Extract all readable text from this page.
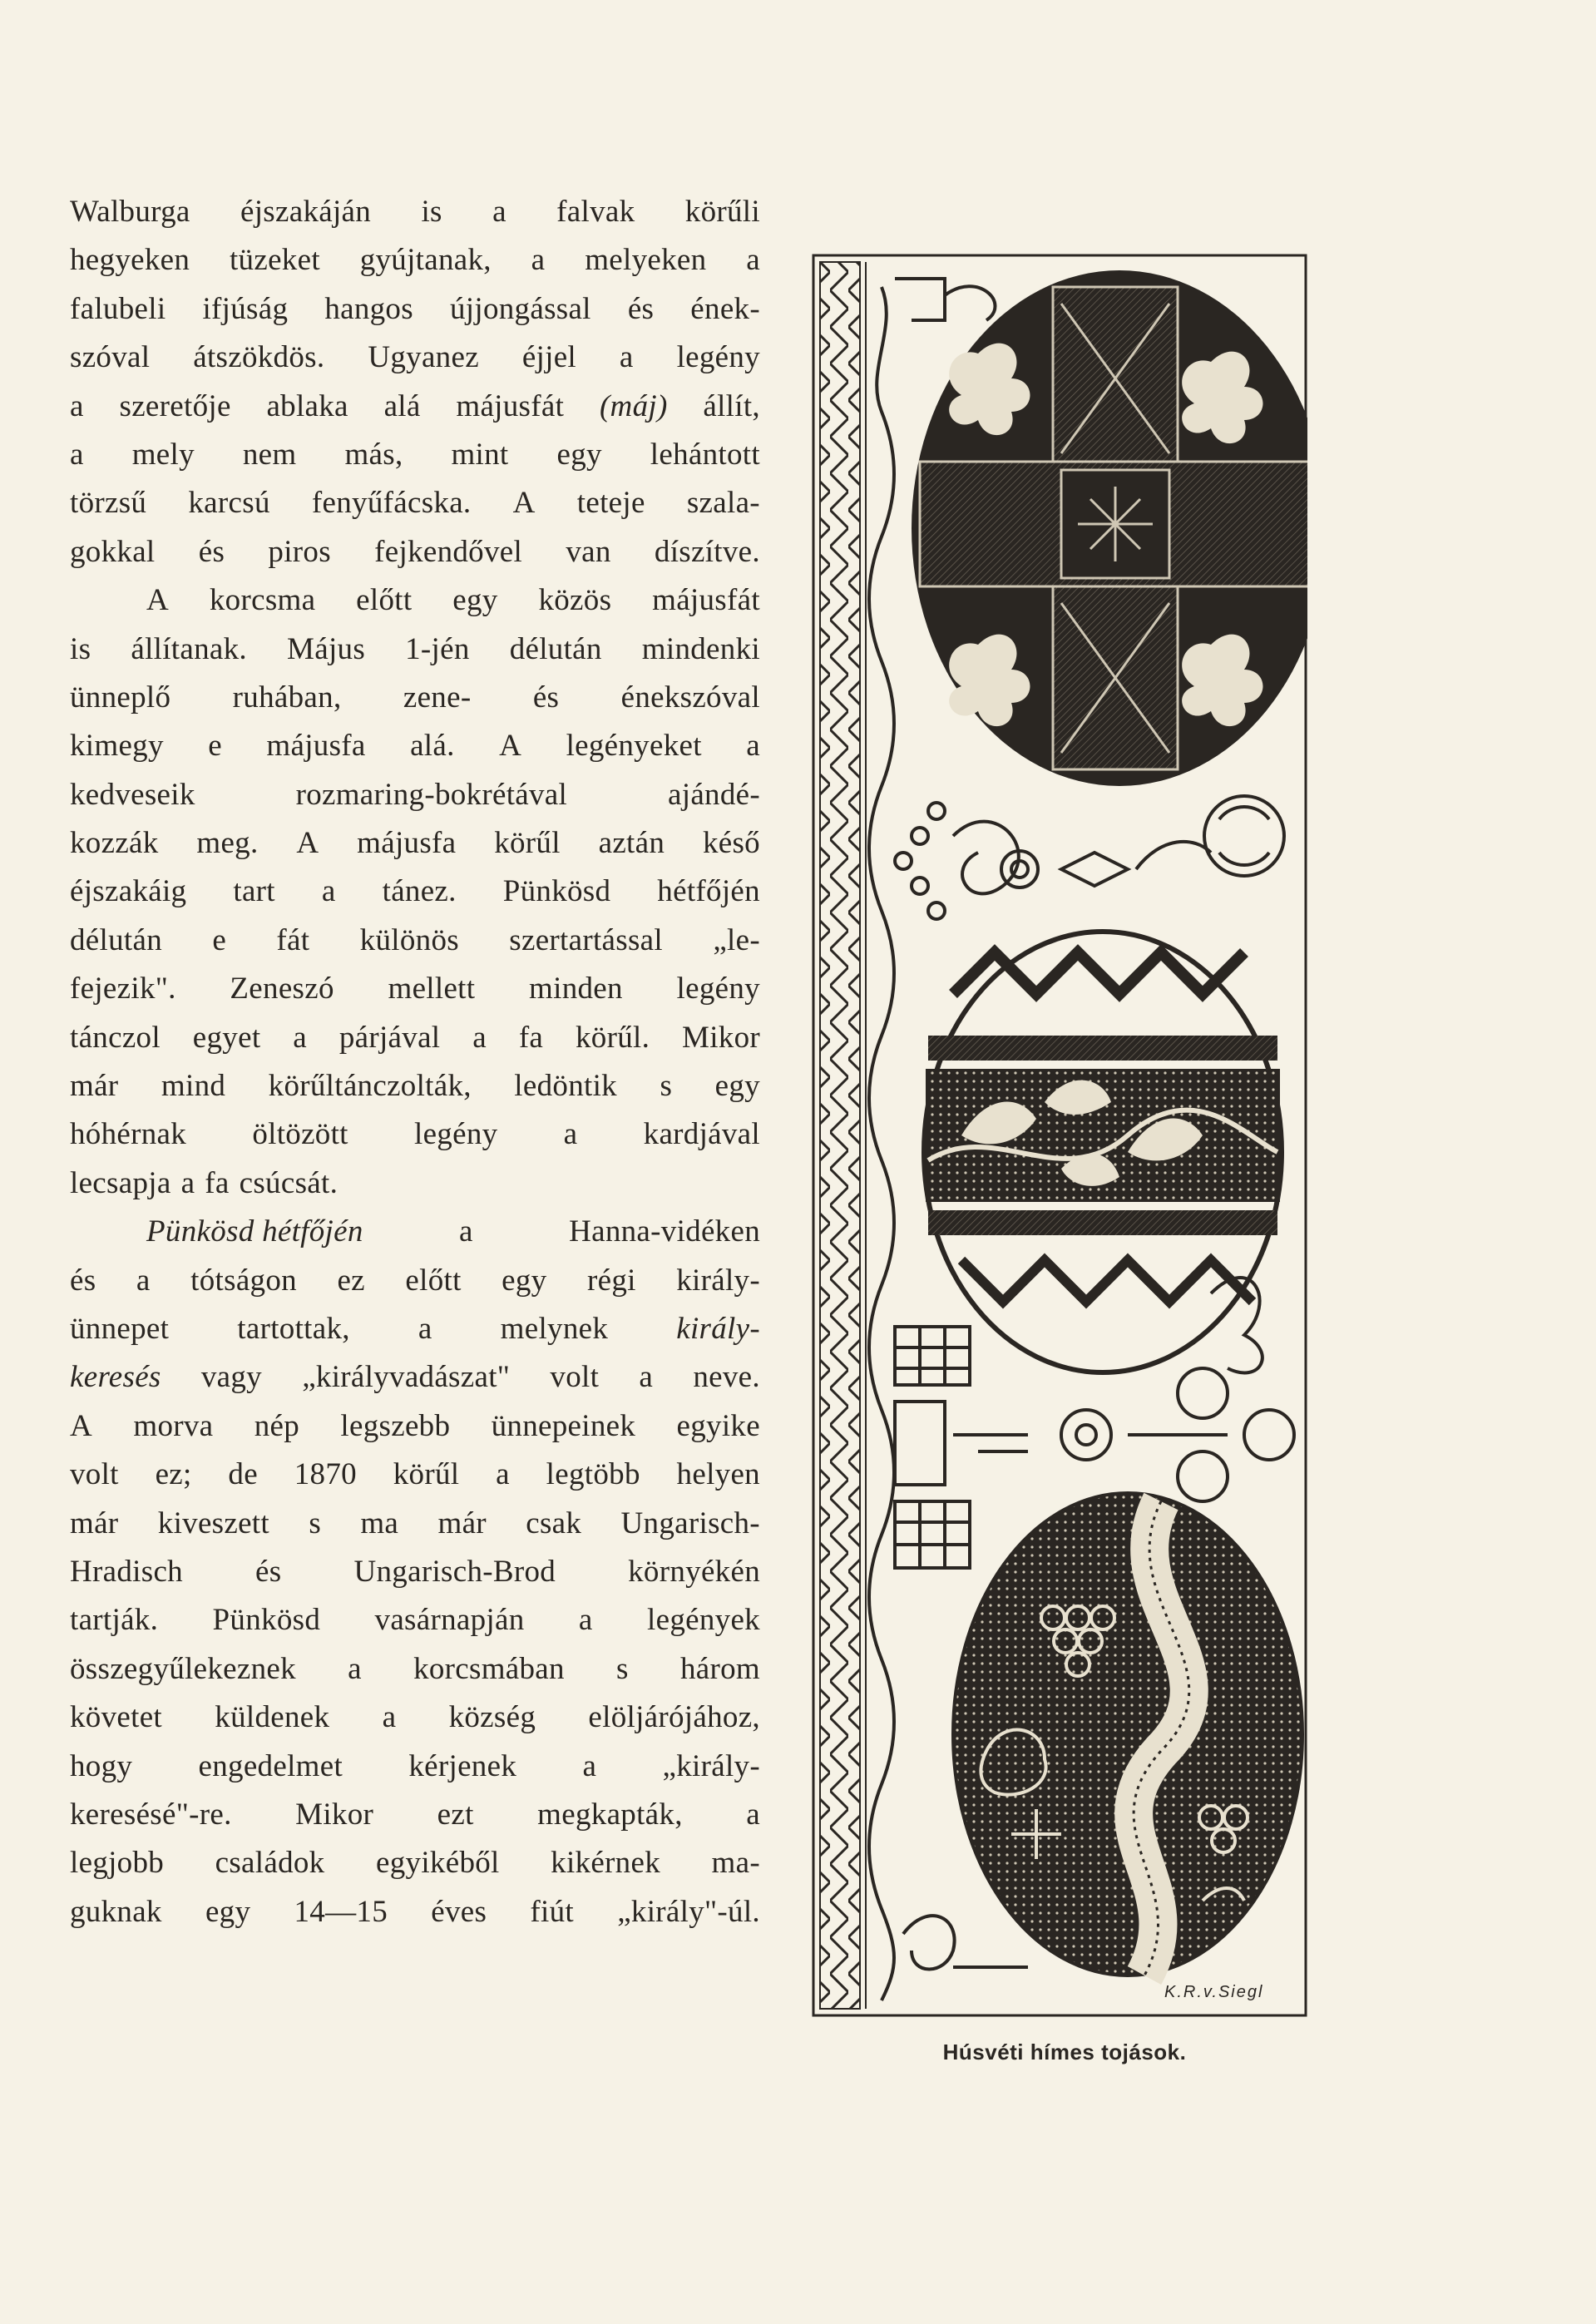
Walburga éjszakáján is a falvak körűli
hegyeken tüzeket gyújtanak, a melyeken a
falubeli ifjúság hangos újjongással és ének-
szóval átszökdös. Ugyanez éjjel a legény
a szeretője ablaka alá májusfát (máj) állít,
a mely nem más, mint egy lehántott
törzsű karcsú fenyűfácska. A teteje szala-
gokkal és piros fejkendővel van díszítve.
A korcsma előtt egy közös májusfát
is állítanak. Május 1-jén délután mindenki
ünneplő ruhában, zene- és énekszóval
kimegy e májusfa alá. A legényeket a
kedveseik	rozmaring-bokrétával	ajándé-
kozzák meg. A májusfa körűl aztán késő
éjszakáig tart a tánez. Pünkösd hétfőjén
délután e fát különös szertartással „le-
fejezik". Zeneszó mellett minden legény
tánczol egyet a párjával a fa körűl. Mikor
már mind körűltánczolták, ledöntik s egy
hóhérnak öltözött legény a kardjával
lecsapja a fa csúcsát.
Pünkösd hétfőjén	a	Hanna-vidéken
és a tótságon ez előtt egy régi király-
ünnepet tartottak, a melynek király-
keresés vagy „királyvadászat" volt a neve.
A morva nép legszebb ünnepeinek egyike
volt ez; de 1870 körűl a legtöbb helyen
már kiveszett s ma már csak Ungarisch-
Hradisch és Ungarisch-Brod környékén
tartják. Pünkösd vasárnapján a legények
összegyűlekeznek a korcsmában s három
követet küldenek a község elöljárójához,
hogy engedelmet kérjenek a „király-
keresésé"-re. Mikor ezt megkapták, a
legjobb családok egyikéből kikérnek ma-
guknak egy 14—15 éves fiút „király"-úl.
K.R.v.Siegl
Húsvéti hímes tojások.
